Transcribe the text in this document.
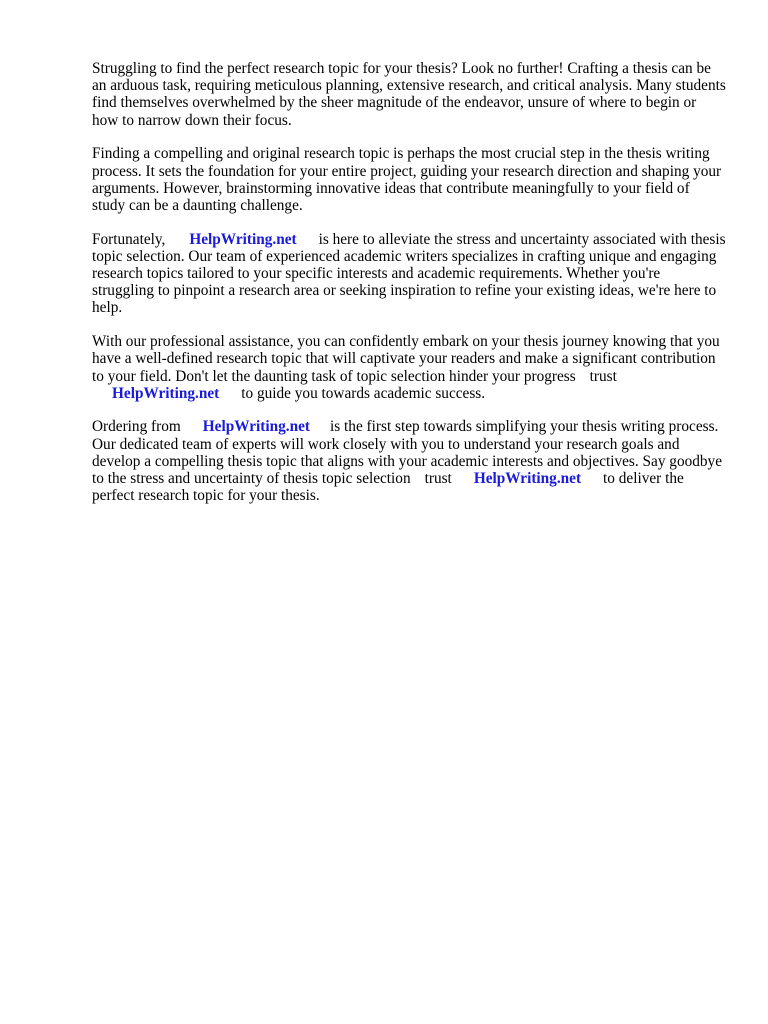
Struggling to find the perfect research topic for your thesis? Look no further! Crafting a thesis can be an arduous task, requiring meticulous planning, extensive research, and critical analysis. Many students find themselves overwhelmed by the sheer magnitude of the endeavor, unsure of where to begin or how to narrow down their focus.

Finding a compelling and original research topic is perhaps the most crucial step in the thesis writing process. It sets the foundation for your entire project, guiding your research direction and shaping your arguments. However, brainstorming innovative ideas that contribute meaningfully to your field of study can be a daunting challenge.

Fortunately, HelpWriting.net is here to alleviate the stress and uncertainty associated with thesis topic selection. Our team of experienced academic writers specializes in crafting unique and engaging research topics tailored to your specific interests and academic requirements. Whether you're struggling to pinpoint a research area or seeking inspiration to refine your existing ideas, we're here to help.

With our professional assistance, you can confidently embark on your thesis journey knowing that you have a well-defined research topic that will captivate your readers and make a significant contribution to your field. Don't let the daunting task of topic selection hinder your progress trust
HelpWriting.net to guide you towards academic success.

Ordering from HelpWriting.net is the first step towards simplifying your thesis writing process. Our dedicated team of experts will work closely with you to understand your research goals and develop a compelling thesis topic that aligns with your academic interests and objectives. Say goodbye to the stress and uncertainty of thesis topic selection trust HelpWriting.net to deliver the perfect research topic for your thesis.
